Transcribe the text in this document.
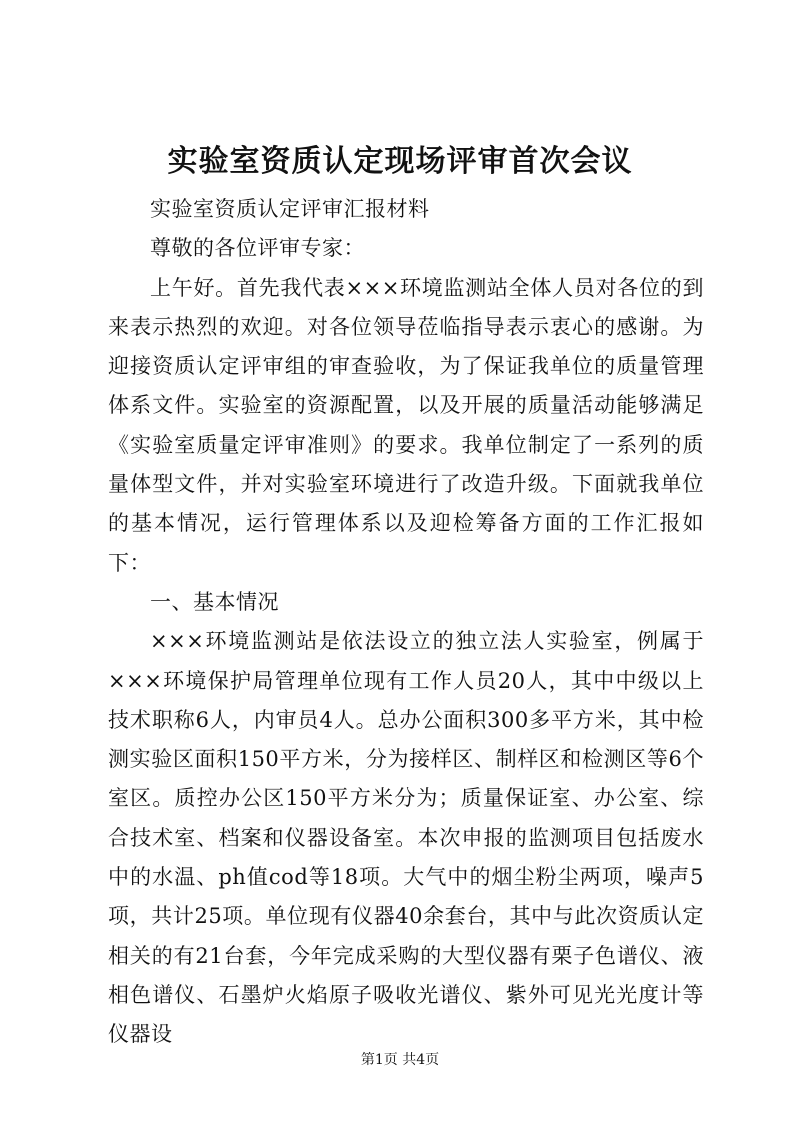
实验室资质认定现场评审首次会议

实验室资质认定评审汇报材料

尊敬的各位评审专家：

上午好。首先我代表×××环境监测站全体人员对各位的到来表示热烈的欢迎。对各位领导莅临指导表示衷心的感谢。为迎接资质认定评审组的审查验收，为了保证我单位的质量管理体系文件。实验室的资源配置，以及开展的质量活动能够满足《实验室质量定评审准则》的要求。我单位制定了一系列的质量体型文件，并对实验室环境进行了改造升级。下面就我单位的基本情况，运行管理体系以及迎检筹备方面的工作汇报如下：

一、基本情况

×××环境监测站是依法设立的独立法人实验室，例属于×××环境保护局管理单位现有工作人员20人，其中中级以上技术职称6人，内审员4人。总办公面积300多平方米，其中检测实验区面积150平方米，分为接样区、制样区和检测区等6个室区。质控办公区150平方米分为；质量保证室、办公室、综合技术室、档案和仪器设备室。本次申报的监测项目包括废水中的水温、ph值cod等18项。大气中的烟尘粉尘两项，噪声5项，共计25项。单位现有仪器40余套台，其中与此次资质认定相关的有21台套，今年完成采购的大型仪器有栗子色谱仪、液相色谱仪、石墨炉火焰原子吸收光谱仪、紫外可见光光度计等仪器设

第1页 共4页
